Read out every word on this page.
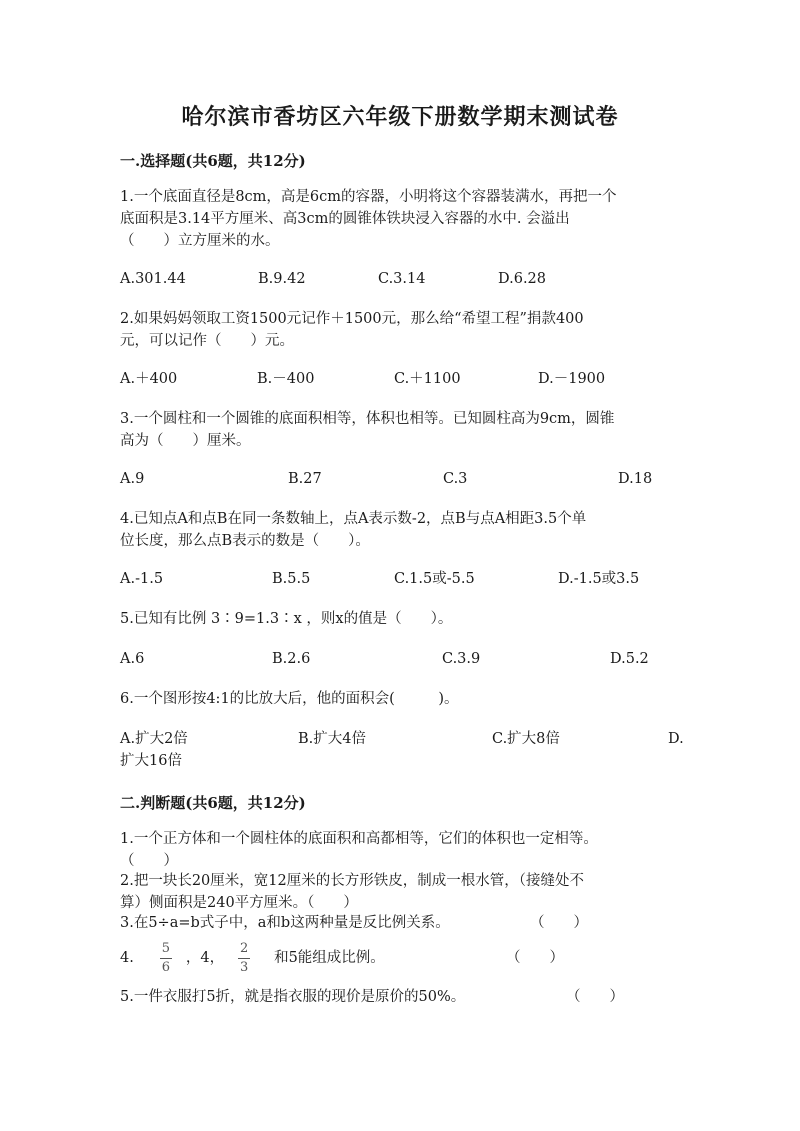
哈尔滨市香坊区六年级下册数学期末测试卷
一.选择题(共6题，共12分)
1.一个底面直径是8cm，高是6cm的容器，小明将这个容器装满水，再把一个
底面积是3.14平方厘米、高3cm的圆锥体铁块浸入容器的水中. 会溢出
（　　）立方厘米的水。
A.301.44	B.9.42	C.3.14	D.6.28
2.如果妈妈领取工资1500元记作＋1500元，那么给“希望工程”捐款400
元，可以记作（　　）元。
A.＋400	B.－400	C.＋1100	D.－1900
3.一个圆柱和一个圆锥的底面积相等，体积也相等。已知圆柱高为9cm，圆锥
高为（　　）厘米。
A.9	B.27	C.3	D.18
4.已知点A和点B在同一条数轴上，点A表示数-2，点B与点A相距3.5个单
位长度，那么点B表示的数是（　　）。
A.-1.5	B.5.5	C.1.5或-5.5	D.-1.5或3.5
5.已知有比例 3∶9=1.3∶x ，则x的值是（　　）。
A.6	B.2.6	C.3.9	D.5.2
6.一个图形按4:1的比放大后，他的面积会(　　　)。
A.扩大2倍	B.扩大4倍	C.扩大8倍	D.
扩大16倍
二.判断题(共6题，共12分)
1.一个正方体和一个圆柱体的底面积和高都相等，它们的体积也一定相等。
（　　）
2.把一块长20厘米，宽12厘米的长方形铁皮，制成一根水管，（接缝处不
算）侧面积是240平方厘米。（　　）
3.在5÷a=b式子中，a和b这两种量是反比例关系。	（　　）
4. $\frac{5}{6}$ ，4， $\frac{2}{3}$ 和5能组成比例。	（　　）
5.一件衣服打5折，就是指衣服的现价是原价的50%。	（　　）
